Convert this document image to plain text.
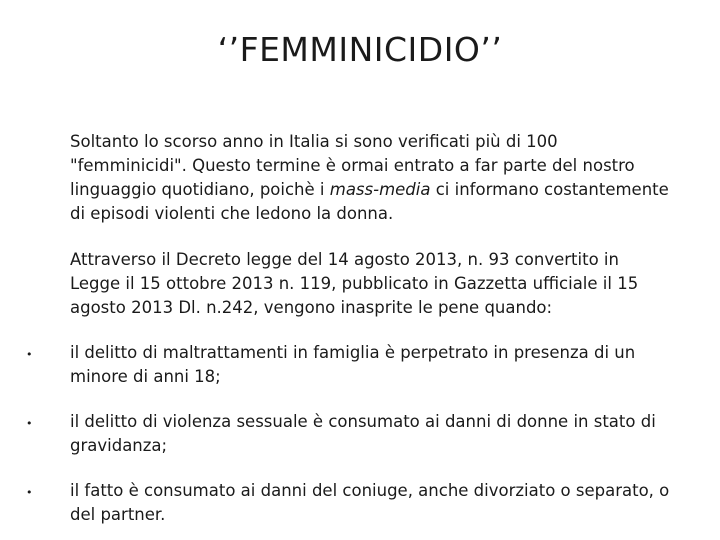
‘’FEMMINICIDIO’’
Soltanto lo scorso anno in Italia si sono verificati più di 100 "femminicidi". Questo termine è ormai entrato a far parte del nostro linguaggio quotidiano, poichè i mass-media ci informano costantemente di episodi violenti che ledono la donna.
Attraverso il Decreto legge del 14 agosto 2013, n. 93 convertito in Legge il 15 ottobre 2013 n. 119, pubblicato in Gazzetta ufficiale il 15 agosto 2013 Dl. n.242, vengono inasprite le pene quando:
• il delitto di maltrattamenti in famiglia è perpetrato in presenza di un minore di anni 18;
• il delitto di violenza sessuale è consumato ai danni di donne in stato di gravidanza;
• il fatto è consumato ai danni del coniuge, anche divorziato o separato, o del partner.
